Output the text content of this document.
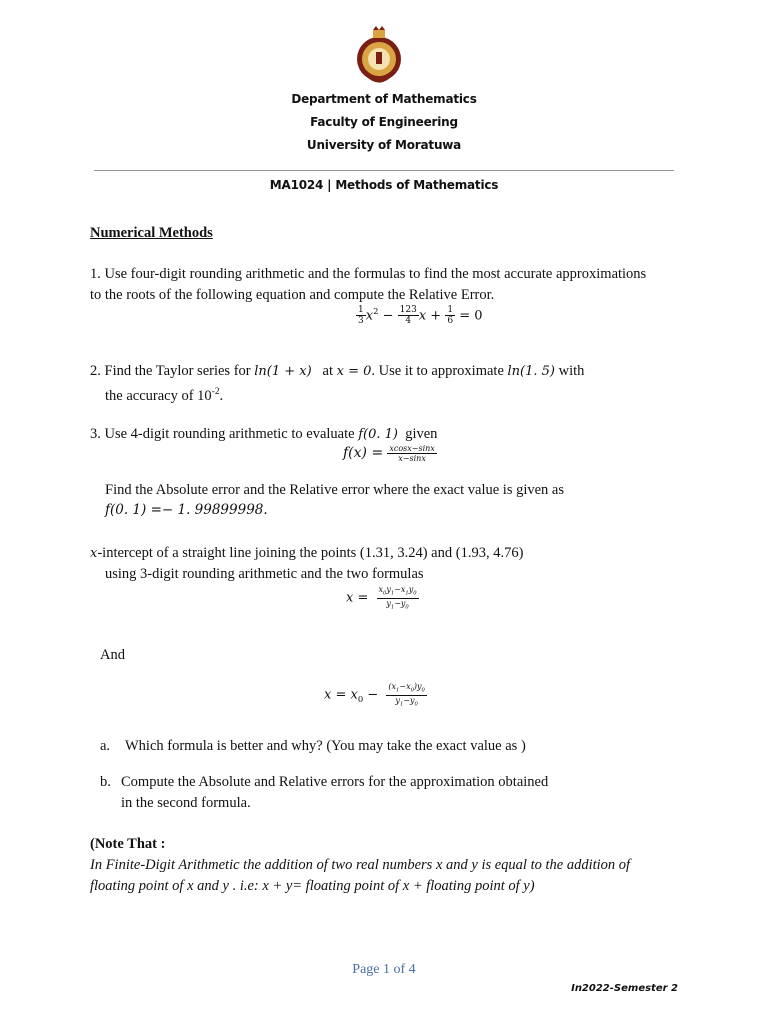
Department of Mathematics
Faculty of Engineering
University of Moratuwa
MA1024 | Methods of Mathematics
Numerical Methods
1. Use four-digit rounding arithmetic and the formulas to find the most accurate approximations
to the roots of the following equation and compute the Relative Error.
$\frac{1}{3} x^2 - \frac{123}{4}$ $x + \frac{1}{6} = 0$
2. Find the Taylor series for ln(1 + x) at x = 0. Use it to approximate ln(1. 5) with
the accuracy of $10^{-2}$.
3. Use 4-digit rounding arithmetic to evaluate f(0. 1) given
$f(x) = \frac{xcosx-\sin x}{x-\sin x}$
Find the Absolute error and the Relative error where the exact value is given as
f(0. 1) =− 1. 99899998.
x-intercept of a straight line joining the points (1.31, 3.24) and (1.93, 4.76)
using 3-digit rounding arithmetic and the two formulas
$x = \frac{x_0y_1-x_1y_0}{y_1-y_0}$
And
$x = x_0 - \frac{(x_1-x_0)y_0}{y_1-y_0}$
a. Which formula is better and why? (You may take the exact value as )
b. Compute the Absolute and Relative errors for the approximation obtained
in the second formula.
(Note That :
In Finite-Digit Arithmetic the addition of two real numbers x and y is equal to the addition of
floating point of x and y . i.e: x + y= floating point of x + floating point of y)
Page 1 of 4
In2022-Semester 2
